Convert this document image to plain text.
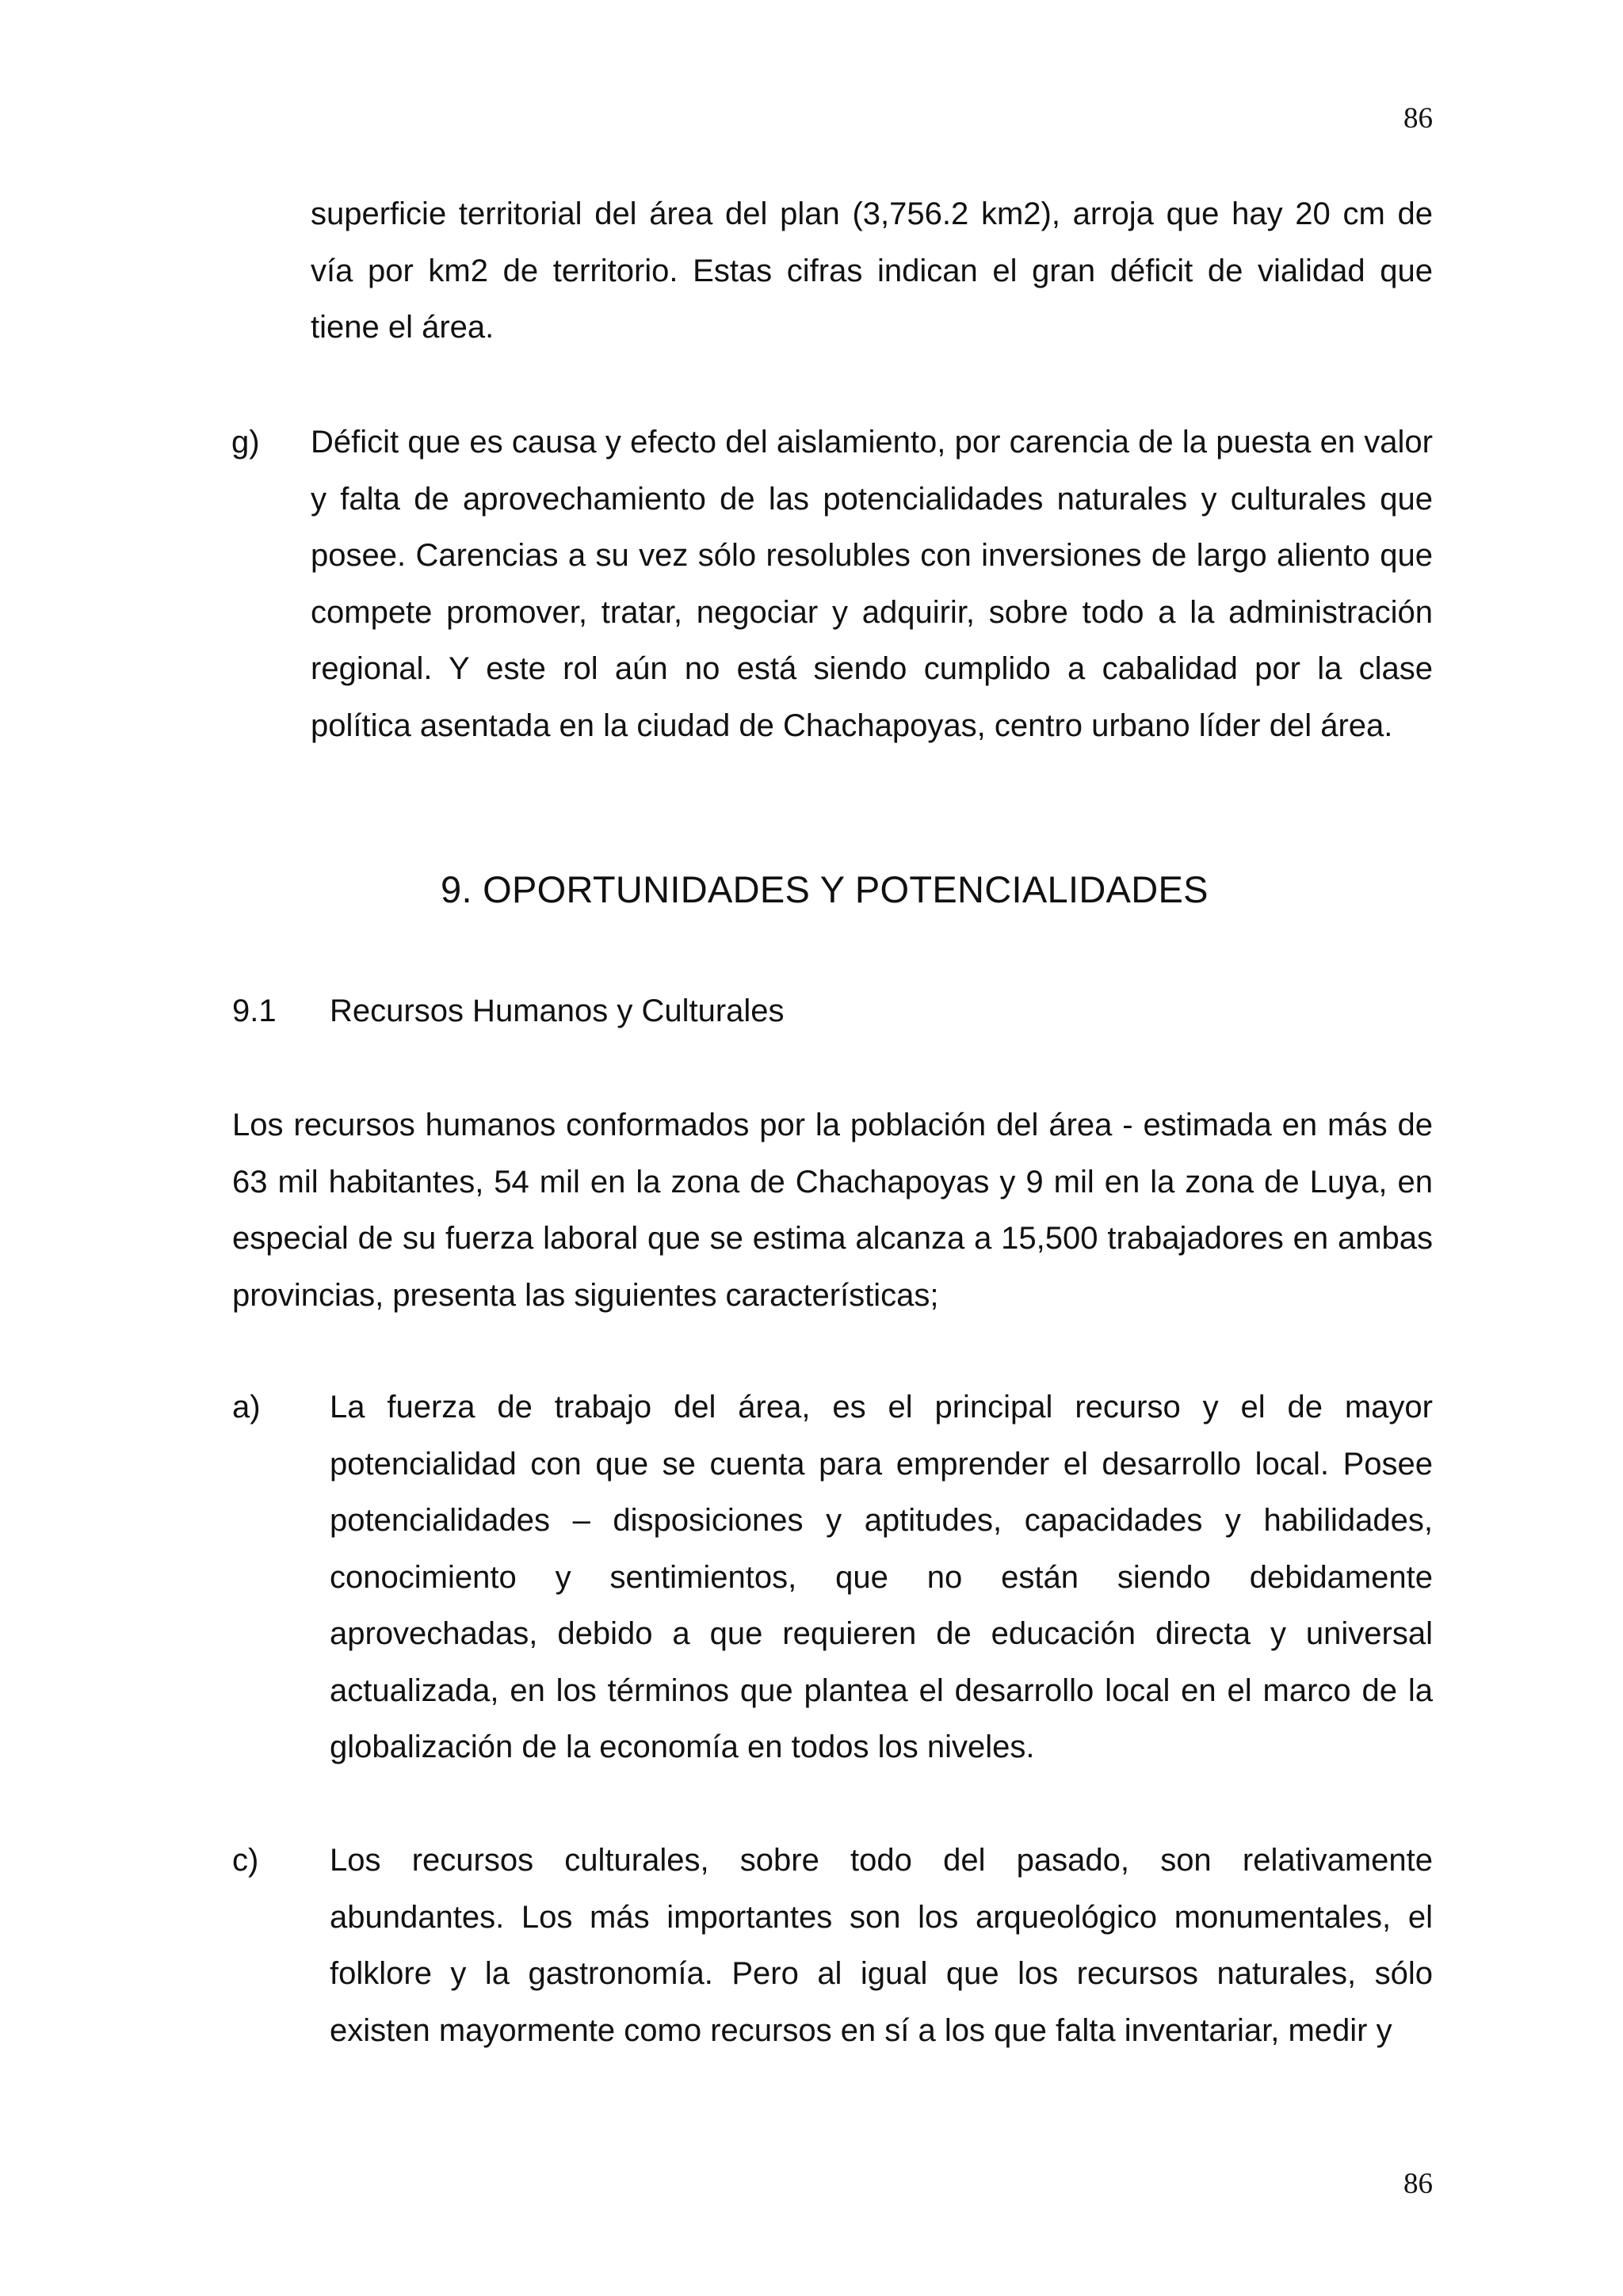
86
superficie territorial del área del plan (3,756.2 km2), arroja que hay 20 cm de vía por km2 de territorio. Estas cifras indican el gran déficit de vialidad que tiene el área.
g) Déficit que es causa y efecto del aislamiento, por carencia de la puesta en valor y falta de aprovechamiento de las potencialidades naturales y culturales que posee. Carencias a su vez sólo resolubles con inversiones de largo aliento que compete promover, tratar, negociar y adquirir, sobre todo a la administración regional. Y este rol aún no está siendo cumplido a cabalidad por la clase política asentada en la ciudad de Chachapoyas, centro urbano líder del área.
9. OPORTUNIDADES Y POTENCIALIDADES
9.1 Recursos Humanos y Culturales
Los recursos humanos conformados por la población del área - estimada en más de 63 mil habitantes, 54 mil en la zona de Chachapoyas y 9 mil en la zona de Luya, en especial de su fuerza laboral que se estima alcanza a 15,500 trabajadores en ambas provincias, presenta las siguientes características;
a) La fuerza de trabajo del área, es el principal recurso y el de mayor potencialidad con que se cuenta para emprender el desarrollo local. Posee potencialidades – disposiciones y aptitudes, capacidades y habilidades, conocimiento y sentimientos, que no están siendo debidamente aprovechadas, debido a que requieren de educación directa y universal actualizada, en los términos que plantea el desarrollo local en el marco de la globalización de la economía en todos los niveles.
c) Los recursos culturales, sobre todo del pasado, son relativamente abundantes. Los más importantes son los arqueológico monumentales, el folklore y la gastronomía. Pero al igual que los recursos naturales, sólo existen mayormente como recursos en sí a los que falta inventariar, medir y
86
